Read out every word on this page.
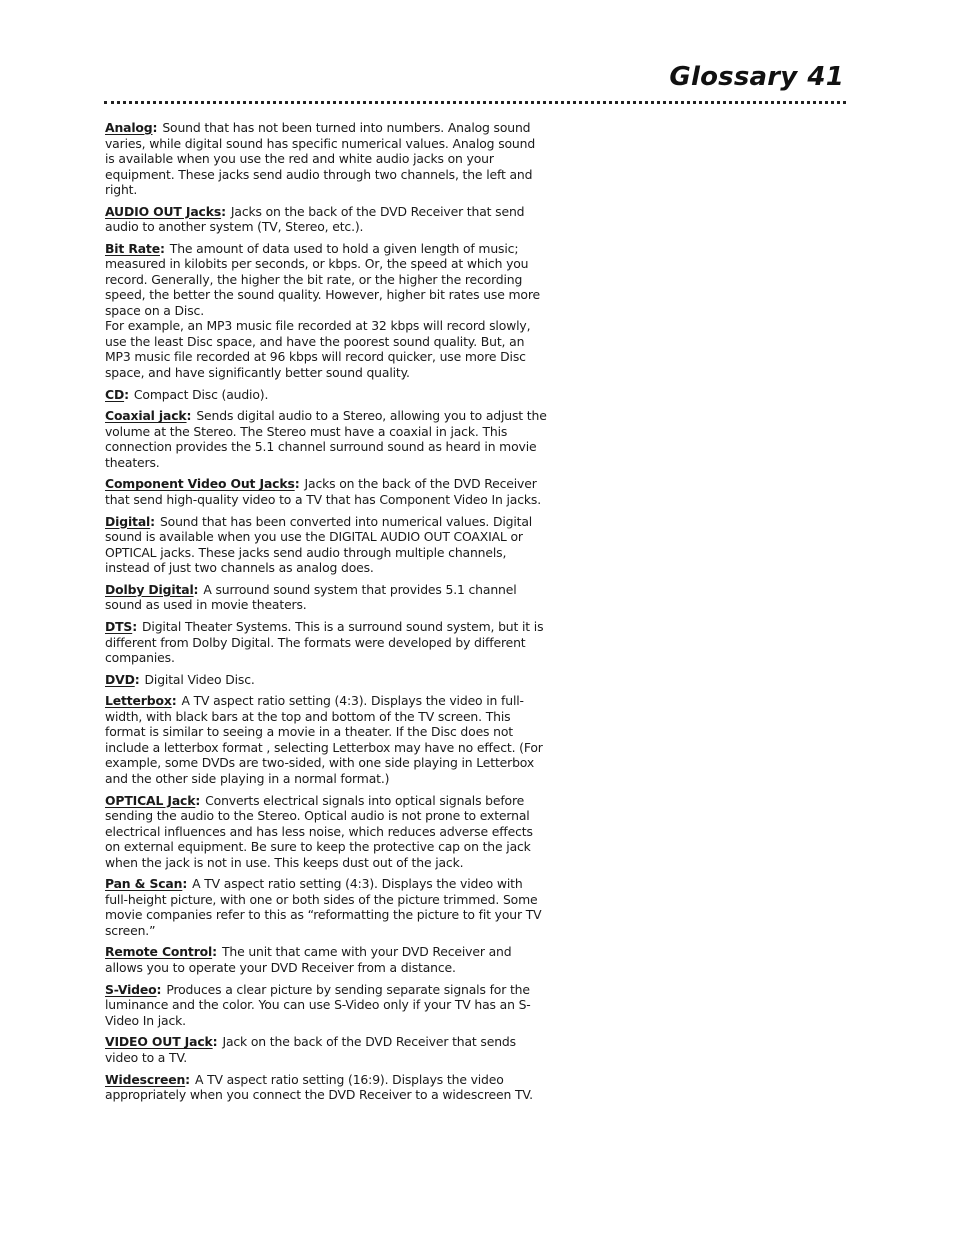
Glossary 41

Analog: Sound that has not been turned into numbers. Analog sound varies, while digital sound has specific numerical values. Analog sound is available when you use the red and white audio jacks on your equipment. These jacks send audio through two channels, the left and right.

AUDIO OUT Jacks: Jacks on the back of the DVD Receiver that send audio to another system (TV, Stereo, etc.).

Bit Rate: The amount of data used to hold a given length of music; measured in kilobits per seconds, or kbps. Or, the speed at which you record. Generally, the higher the bit rate, or the higher the recording speed, the better the sound quality. However, higher bit rates use more space on a Disc.
For example, an MP3 music file recorded at 32 kbps will record slowly, use the least Disc space, and have the poorest sound quality. But, an MP3 music file recorded at 96 kbps will record quicker, use more Disc space, and have significantly better sound quality.

CD: Compact Disc (audio).

Coaxial jack: Sends digital audio to a Stereo, allowing you to adjust the volume at the Stereo. The Stereo must have a coaxial in jack. This connection provides the 5.1 channel surround sound as heard in movie theaters.

Component Video Out Jacks: Jacks on the back of the DVD Receiver that send high-quality video to a TV that has Component Video In jacks.

Digital: Sound that has been converted into numerical values. Digital sound is available when you use the DIGITAL AUDIO OUT COAXIAL or OPTICAL jacks. These jacks send audio through multiple channels, instead of just two channels as analog does.

Dolby Digital: A surround sound system that provides 5.1 channel sound as used in movie theaters.

DTS: Digital Theater Systems. This is a surround sound system, but it is different from Dolby Digital. The formats were developed by different companies.

DVD: Digital Video Disc.

Letterbox: A TV aspect ratio setting (4:3). Displays the video in full-width, with black bars at the top and bottom of the TV screen. This format is similar to seeing a movie in a theater. If the Disc does not include a letterbox format , selecting Letterbox may have no effect. (For example, some DVDs are two-sided, with one side playing in Letterbox and the other side playing in a normal format.)

OPTICAL Jack: Converts electrical signals into optical signals before sending the audio to the Stereo. Optical audio is not prone to external electrical influences and has less noise, which reduces adverse effects on external equipment. Be sure to keep the protective cap on the jack when the jack is not in use. This keeps dust out of the jack.

Pan & Scan: A TV aspect ratio setting (4:3). Displays the video with full-height picture, with one or both sides of the picture trimmed. Some movie companies refer to this as “reformatting the picture to fit your TV screen.”

Remote Control: The unit that came with your DVD Receiver and allows you to operate your DVD Receiver from a distance.

S-Video: Produces a clear picture by sending separate signals for the luminance and the color. You can use S-Video only if your TV has an S-Video In jack.

VIDEO OUT Jack: Jack on the back of the DVD Receiver that sends video to a TV.

Widescreen: A TV aspect ratio setting (16:9). Displays the video appropriately when you connect the DVD Receiver to a widescreen TV.
